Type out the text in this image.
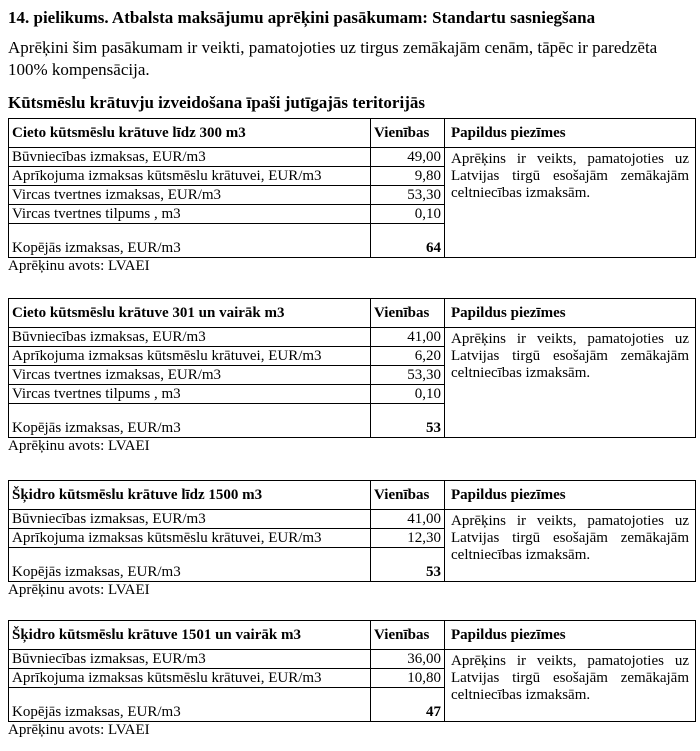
14. pielikums. Atbalsta maksājumu aprēķini pasākumam: Standartu sasniegšana

Aprēķini šim pasākumam ir veikti, pamatojoties uz tirgus zemākajām cenām, tāpēc ir paredzēta 100% kompensācija.

Kūtsmēslu krātuvju izveidošana īpaši jutīgajās teritorijās
Cieto kūtsmēslu krātuve līdz 300 m3	Vienības	Papildus piezīmes
Būvniecības izmaksas, EUR/m3	49,00	Aprēķins ir veikts, pamatojoties uz Latvijas tirgū esošajām zemākajām celtniecības izmaksām.
Aprīkojuma izmaksas kūtsmēslu krātuvei, EUR/m3	9,80	
Vircas tvertnes izmaksas, EUR/m3	53,30	
Vircas tvertnes tilpums , m3	0,10	
Kopējās izmaksas, EUR/m3	64	
Aprēķinu avots: LVAEI
Cieto kūtsmēslu krātuve 301 un vairāk m3	Vienības	Papildus piezīmes
Būvniecības izmaksas, EUR/m3	41,00	Aprēķins ir veikts, pamatojoties uz Latvijas tirgū esošajām zemākajām celtniecības izmaksām.
Aprīkojuma izmaksas kūtsmēslu krātuvei, EUR/m3	6,20	
Vircas tvertnes izmaksas, EUR/m3	53,30	
Vircas tvertnes tilpums , m3	0,10	
Kopējās izmaksas, EUR/m3	53	
Aprēķinu avots: LVAEI
Šķidro kūtsmēslu krātuve līdz 1500 m3	Vienības	Papildus piezīmes
Būvniecības izmaksas, EUR/m3	41,00	Aprēķins ir veikts, pamatojoties uz Latvijas tirgū esošajām zemākajām celtniecības izmaksām.
Aprīkojuma izmaksas kūtsmēslu krātuvei, EUR/m3	12,30	
Kopējās izmaksas, EUR/m3	53	
Aprēķinu avots: LVAEI
Šķidro kūtsmēslu krātuve 1501 un vairāk m3	Vienības	Papildus piezīmes
Būvniecības izmaksas, EUR/m3	36,00	Aprēķins ir veikts, pamatojoties uz Latvijas tirgū esošajām zemākajām celtniecības izmaksām.
Aprīkojuma izmaksas kūtsmēslu krātuvei, EUR/m3	10,80	
Kopējās izmaksas, EUR/m3	47	
Aprēķinu avots: LVAEI
